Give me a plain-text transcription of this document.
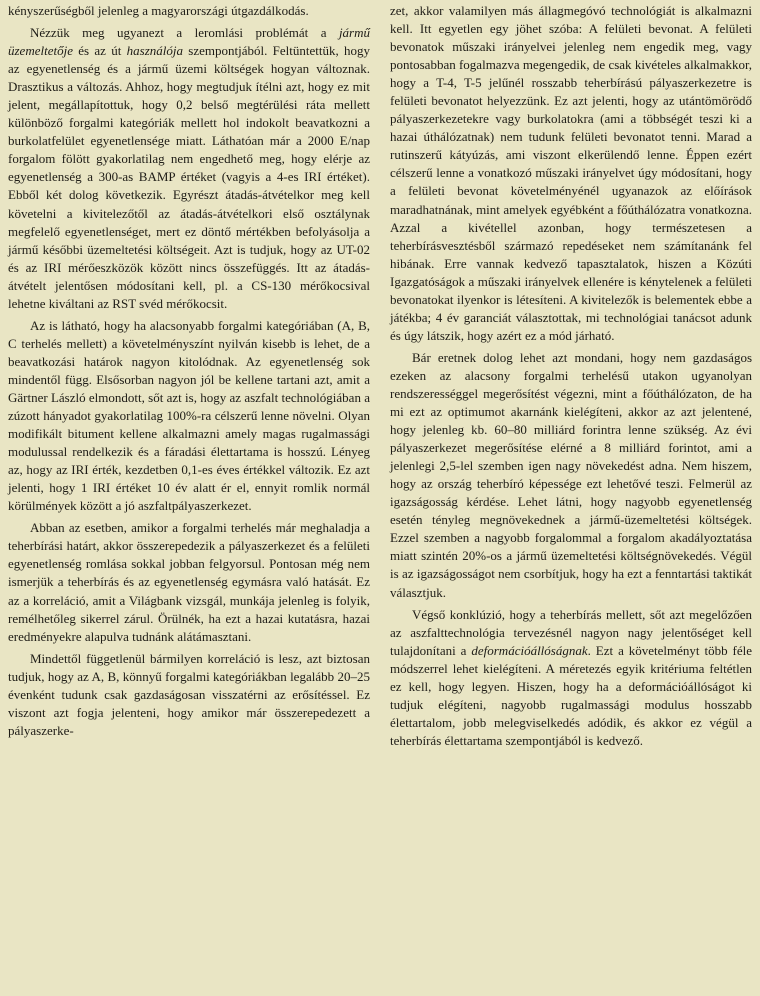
kényszerűségből jelenleg a magyarországi útgazdálkodás.

Nézzük meg ugyanezt a leromlási problémát a jármű üzemeltetője és az út használója szempontjából. Feltüntettük, hogy az egyenetlenség és a jármű üzemi költségek hogyan változnak. Drasztikus a változás. Ahhoz, hogy megtudjuk ítélni azt, hogy ez mit jelent, megállapítottuk, hogy 0,2 belső megtérülési ráta mellett különböző forgalmi kategóriák mellett hol indokolt beavatkozni a burkolatfelület egyenetlensége miatt. Láthatóan már a 2000 E/nap forgalom fölött gyakorlatilag nem engedhető meg, hogy elérje az egyenetlenség a 300-as BAMP értéket (vagyis a 4-es IRI értéket). Ebből két dolog következik. Egyrészt átadás-átvételkor meg kell követelni a kivitelezőtől az átadás-átvételkori első osztálynak megfelelő egyenetlenséget, mert ez döntő mértékben befolyásolja a jármű későbbi üzemeltetési költségeit. Azt is tudjuk, hogy az UT-02 és az IRI mérőeszközök között nincs összefüggés. Itt az átadás-átvételt jelentősen módosítani kell, pl. a CS-130 mérőkocsival lehetne kiváltani az RST svéd mérőkocsit.

Az is látható, hogy ha alacsonyabb forgalmi kategóriában (A, B, C terhelés mellett) a követelményszínt nyilván kisebb is lehet, de a beavatkozási határok nagyon kitolódnak. Az egyenetlenség sok mindentől függ. Elsősorban nagyon jól be kellene tartani azt, amit a Gärtner László elmondott, sőt azt is, hogy az aszfalt technológiában a zúzott hányadot gyakorlatilag 100%-ra célszerű lenne növelni. Olyan modifikált bitument kellene alkalmazni amely magas rugalmassági modulussal rendelkezik és a fáradási élettartama is hosszú. Lényeg az, hogy az IRI érték, kezdetben 0,1-es éves értékkel változik. Ez azt jelenti, hogy 1 IRI értéket 10 év alatt ér el, ennyit romlik normál körülmények között a jó aszfaltpályaszerkezet.

Abban az esetben, amikor a forgalmi terhelés már meghaladja a teherbírási határt, akkor összerepedezik a pályaszerkezet és a felületi egyenetlenség romlása sokkal jobban felgyorsul. Pontosan még nem ismerjük a teherbírás és az egyenetlenség egymásra való hatását. Ez az a korreláció, amit a Világbank vizsgál, munkája jelenleg is folyik, remélhetőleg sikerrel zárul. Örülnék, ha ezt a hazai kutatásra, hazai eredményekre alapulva tudnánk alátámasztani.

Mindettől függetlenül bármilyen korreláció is lesz, azt biztosan tudjuk, hogy az A, B, könnyű forgalmi kategóriákban legalább 20–25 évenként tudunk csak gazdaságosan visszatérni az erősítéssel. Ez viszont azt fogja jelenteni, hogy amikor már összerepedezett a pályaszerke-

zet, akkor valamilyen más állagmegóvó technológiát is alkalmazni kell. Itt egyetlen egy jöhet szóba: A felületi bevonat. A felületi bevonatok műszaki irányelvei jelenleg nem engedik meg, vagy pontosabban fogalmazva megengedik, de csak kivételes alkalmakkor, hogy a T-4, T-5 jelűnél rosszabb teherbírású pályaszerkezetre is felületi bevonatot helyezzünk. Ez azt jelenti, hogy az utántömörödő pályaszerkezetekre vagy burkolatokra (ami a többségét teszi ki a hazai úthálózatnak) nem tudunk felületi bevonatot tenni. Marad a rutinszerű kátyúzás, ami viszont elkerülendő lenne. Éppen ezért célszerű lenne a vonatkozó műszaki irányelvet úgy módosítani, hogy a felületi bevonat követelményénél ugyanazok az előírások maradhatnának, mint amelyek egyébként a főúthálózatra vonatkozna. Azzal a kivétellel azonban, hogy természetesen a teherbírásvesztésből származó repedéseket nem számítanánk fel hibának. Erre vannak kedvező tapasztalatok, hiszen a Közúti Igazgatóságok a műszaki irányelvek ellenére is kénytelenek a felületi bevonatokat ilyenkor is létesíteni. A kivitelezők is belementek ebbe a játékba; 4 év garanciát választottak, mi technológiai tanácsot adunk és úgy látszik, hogy azért ez a mód járható.

Bár eretnek dolog lehet azt mondani, hogy nem gazdaságos ezeken az alacsony forgalmi terhelésű utakon ugyanolyan rendszerességgel megerősítést végezni, mint a főúthálózaton, de ha mi ezt az optimumot akarnánk kielégíteni, akkor az azt jelentené, hogy jelenleg kb. 60–80 milliárd forintra lenne szükség. Az évi pályaszerkezet megerősítése elérné a 8 milliárd forintot, ami a jelenlegi 2,5-lel szemben igen nagy növekedést adna. Nem hiszem, hogy az ország teherbíró képessége ezt lehetővé teszi. Felmerül az igazságosság kérdése. Lehet látni, hogy nagyobb egyenetlenség esetén tényleg megnövekednek a jármű-üzemeltetési költségek. Ezzel szemben a nagyobb forgalommal a forgalom akadályoztatása miatt szintén 20%-os a jármű üzemeltetési költségnövekedés. Végül is az igazságosságot nem csorbítjuk, hogy ha ezt a fenntartási taktikát választjuk.

Végső konklúzió, hogy a teherbírás mellett, sőt azt megelőzően az aszfalttechnológia tervezésnél nagyon nagy jelentőséget kell tulajdonítani a deformációállóságnak. Ezt a követelményt több féle módszerrel lehet kielégíteni. A méretezés egyik kritériuma feltétlen ez kell, hogy legyen. Hiszen, hogy ha a deformációállóságot ki tudjuk elégíteni, nagyobb rugalmassági modulus hosszabb élettartalom, jobb melegviselkedés adódik, és akkor ez végül a teherbírás élettartama szempontjából is kedvező.
